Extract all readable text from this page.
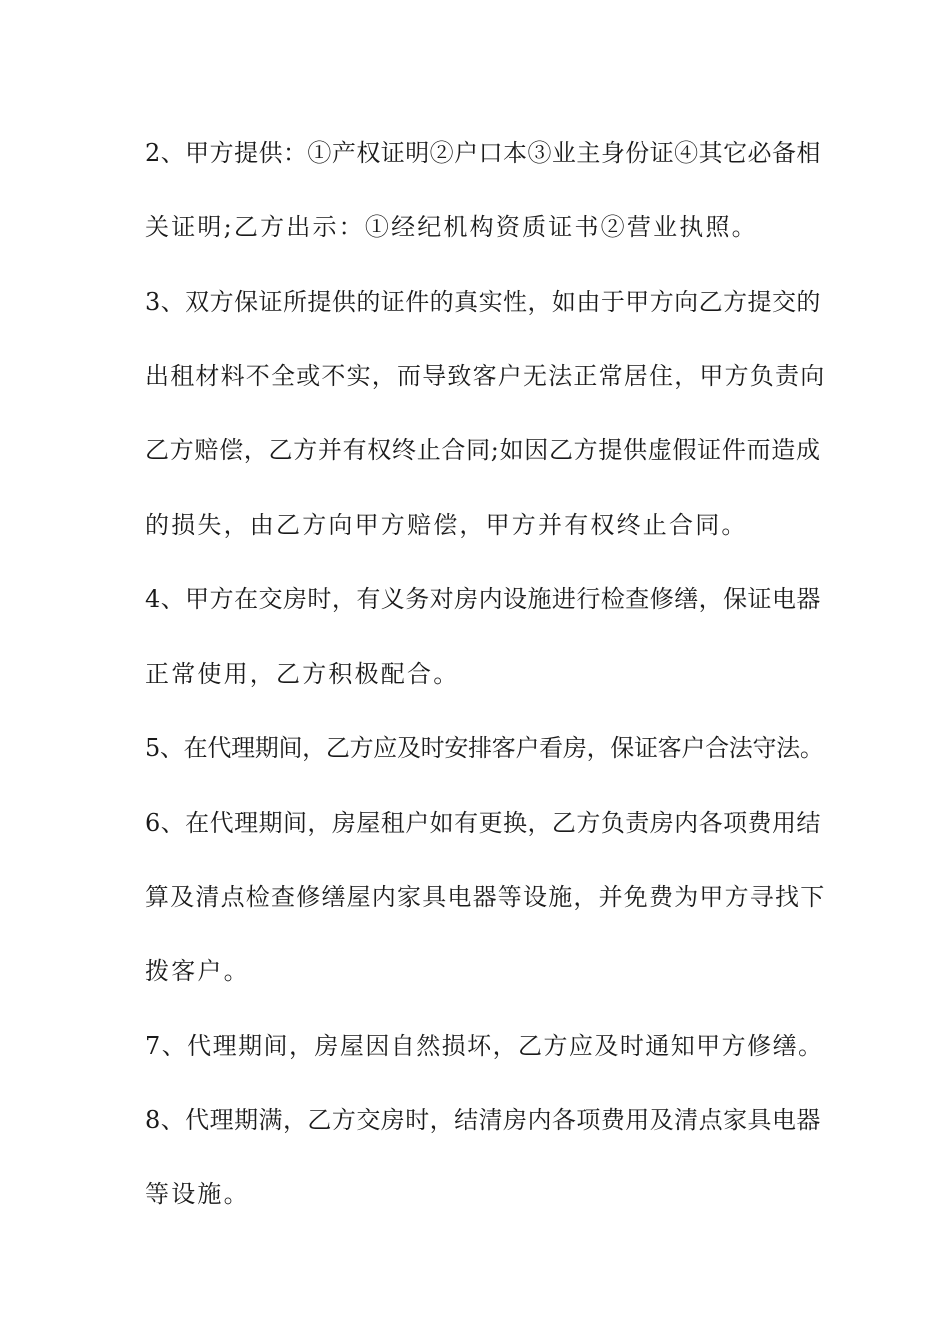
2、甲方提供：①产权证明②户口本③业主身份证④其它必备相
关证明;乙方出示：①经纪机构资质证书②营业执照。
3、双方保证所提供的证件的真实性，如由于甲方向乙方提交的
出租材料不全或不实，而导致客户无法正常居住，甲方负责向
乙方赔偿，乙方并有权终止合同;如因乙方提供虚假证件而造成
的损失，由乙方向甲方赔偿，甲方并有权终止合同。
4、甲方在交房时，有义务对房内设施进行检查修缮，保证电器
正常使用，乙方积极配合。
5、在代理期间，乙方应及时安排客户看房，保证客户合法守法。
6、在代理期间，房屋租户如有更换，乙方负责房内各项费用结
算及清点检查修缮屋内家具电器等设施，并免费为甲方寻找下
拨客户。
7、代理期间，房屋因自然损坏，乙方应及时通知甲方修缮。
8、代理期满，乙方交房时，结清房内各项费用及清点家具电器
等设施。
